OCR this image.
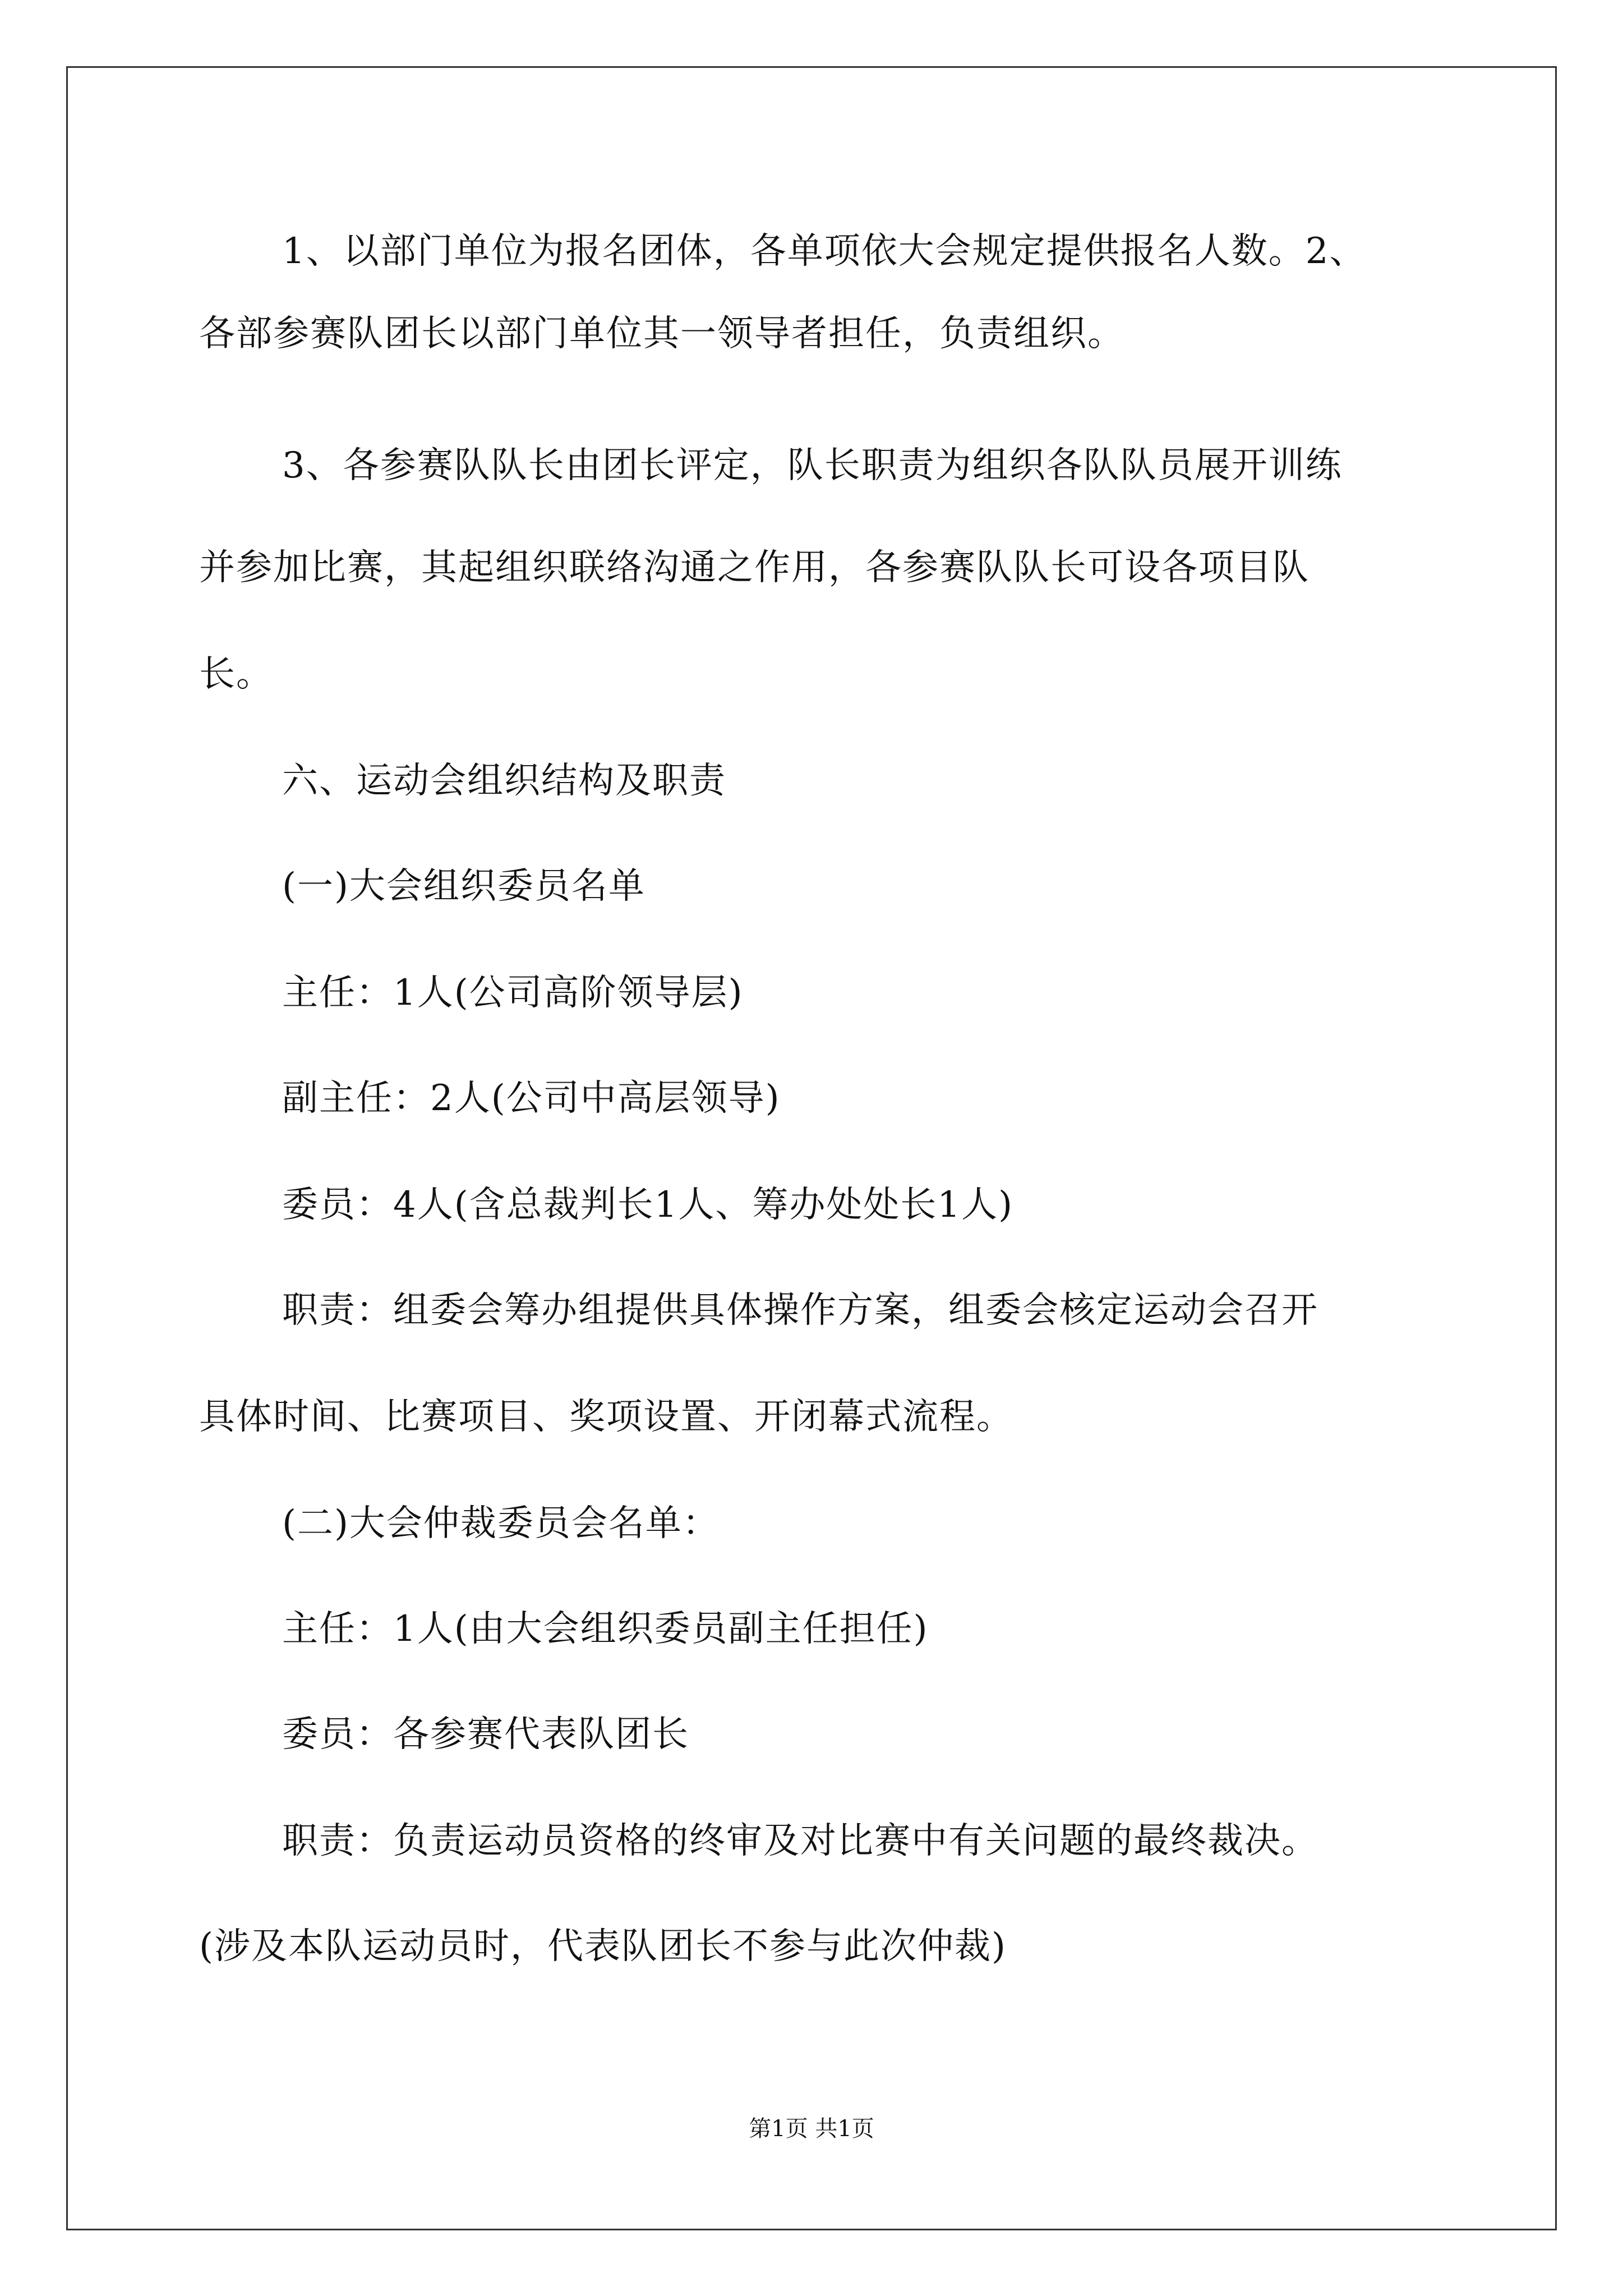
1、以部门单位为报名团体，各单项依大会规定提供报名人数。2、
各部参赛队团长以部门单位其一领导者担任，负责组织。
3、各参赛队队长由团长评定，队长职责为组织各队队员展开训练
并参加比赛，其起组织联络沟通之作用，各参赛队队长可设各项目队
长。
六、运动会组织结构及职责
(一)大会组织委员名单
主任：1人(公司高阶领导层)
副主任：2人(公司中高层领导)
委员：4人(含总裁判长1人、筹办处处长1人)
职责：组委会筹办组提供具体操作方案，组委会核定运动会召开
具体时间、比赛项目、奖项设置、开闭幕式流程。
(二)大会仲裁委员会名单：
主任：1人(由大会组织委员副主任担任)
委员：各参赛代表队团长
职责：负责运动员资格的终审及对比赛中有关问题的最终裁决。
(涉及本队运动员时，代表队团长不参与此次仲裁)
第1页 共1页
